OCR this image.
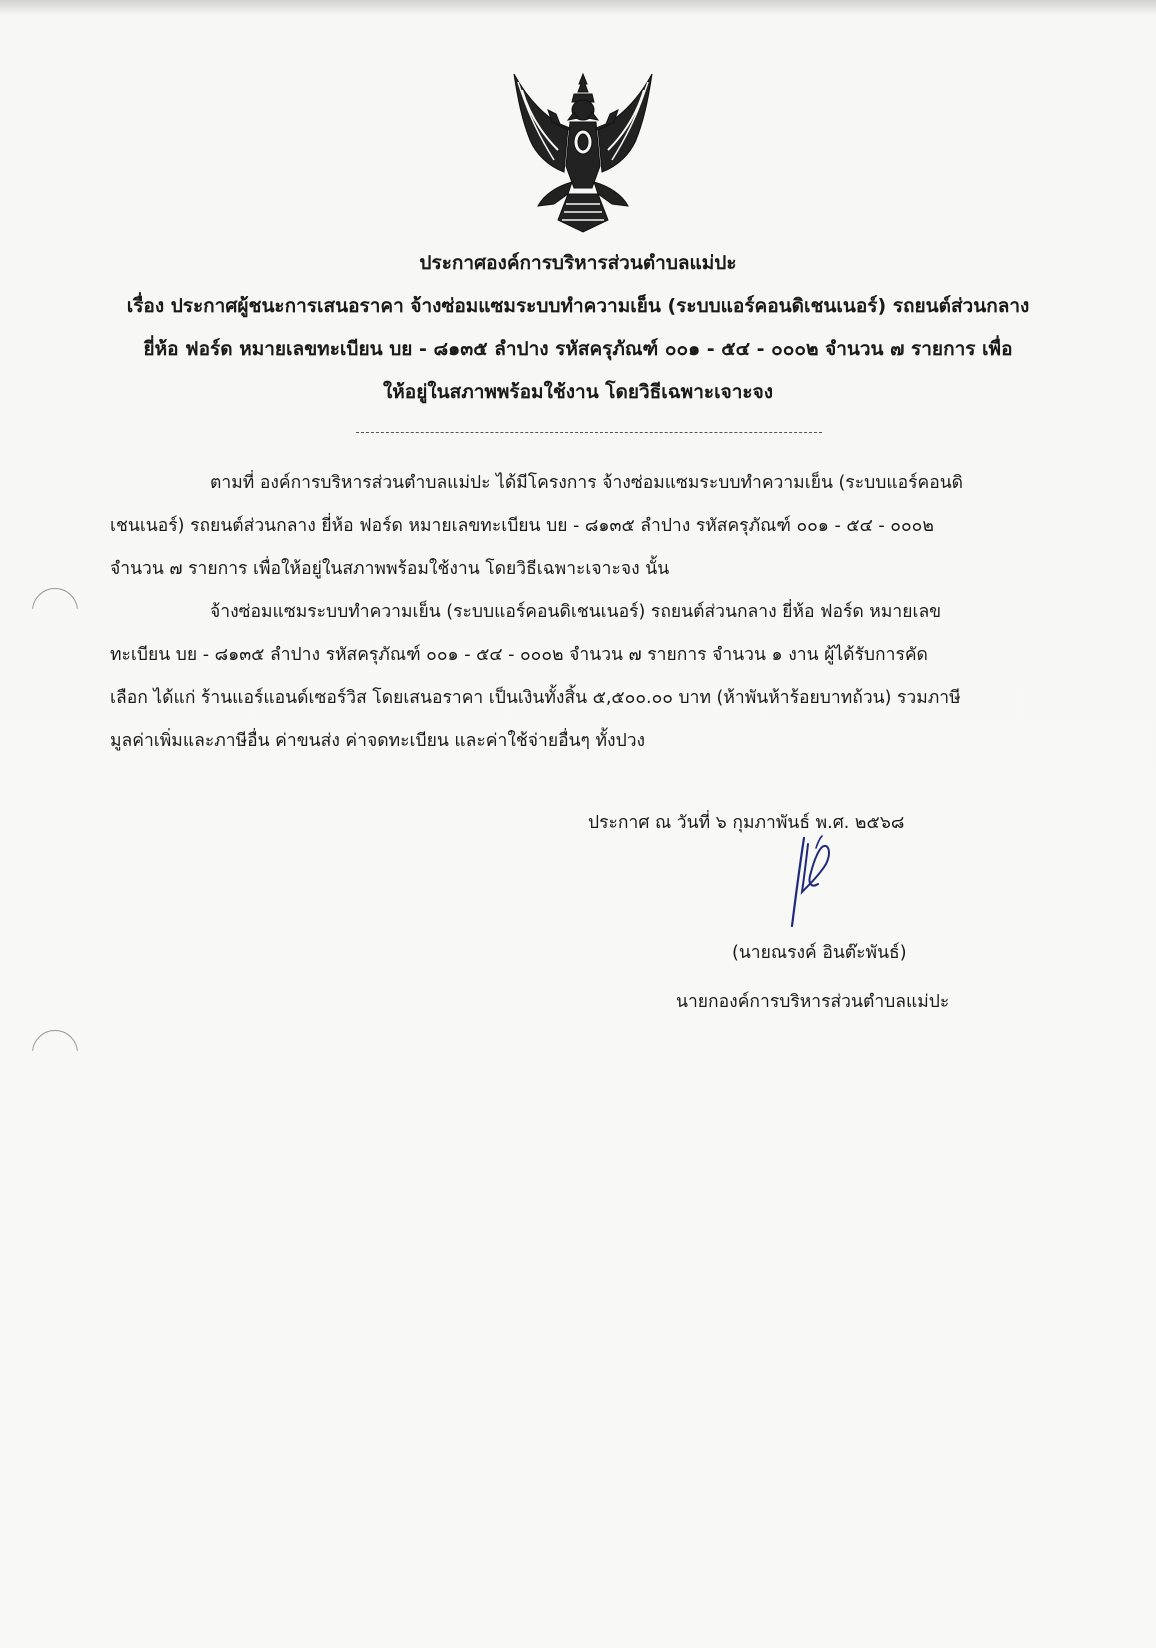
ประกาศองค์การบริหารส่วนตำบลแม่ปะ
เรื่อง ประกาศผู้ชนะการเสนอราคา จ้างซ่อมแซมระบบทำความเย็น (ระบบแอร์คอนดิเชนเนอร์) รถยนต์ส่วนกลาง
ยี่ห้อ ฟอร์ด หมายเลขทะเบียน บย - ๘๑๓๕ ลำปาง รหัสครุภัณฑ์ ๐๐๑ - ๕๔ - ๐๐๐๒ จำนวน ๗ รายการ เพื่อ
ให้อยู่ในสภาพพร้อมใช้งาน โดยวิธีเฉพาะเจาะจง
ตามที่ องค์การบริหารส่วนตำบลแม่ปะ ได้มีโครงการ จ้างซ่อมแซมระบบทำความเย็น (ระบบแอร์คอนดิ
เชนเนอร์) รถยนต์ส่วนกลาง ยี่ห้อ ฟอร์ด หมายเลขทะเบียน บย - ๘๑๓๕ ลำปาง รหัสครุภัณฑ์ ๐๐๑ - ๕๔ - ๐๐๐๒
จำนวน ๗ รายการ เพื่อให้อยู่ในสภาพพร้อมใช้งาน โดยวิธีเฉพาะเจาะจง นั้น
จ้างซ่อมแซมระบบทำความเย็น (ระบบแอร์คอนดิเชนเนอร์) รถยนต์ส่วนกลาง ยี่ห้อ ฟอร์ด หมายเลข
ทะเบียน บย - ๘๑๓๕ ลำปาง รหัสครุภัณฑ์ ๐๐๑ - ๕๔ - ๐๐๐๒ จำนวน ๗ รายการ จำนวน ๑ งาน ผู้ได้รับการคัด
เลือก ได้แก่ ร้านแอร์แอนด์เซอร์วิส โดยเสนอราคา เป็นเงินทั้งสิ้น ๕,๕๐๐.๐๐ บาท (ห้าพันห้าร้อยบาทถ้วน) รวมภาษี
มูลค่าเพิ่มและภาษีอื่น ค่าขนส่ง ค่าจดทะเบียน และค่าใช้จ่ายอื่นๆ ทั้งปวง
ประกาศ ณ วันที่ ๖ กุมภาพันธ์ พ.ศ. ๒๕๖๘
(นายณรงค์ อินต๊ะพันธ์)
นายกองค์การบริหารส่วนตำบลแม่ปะ
